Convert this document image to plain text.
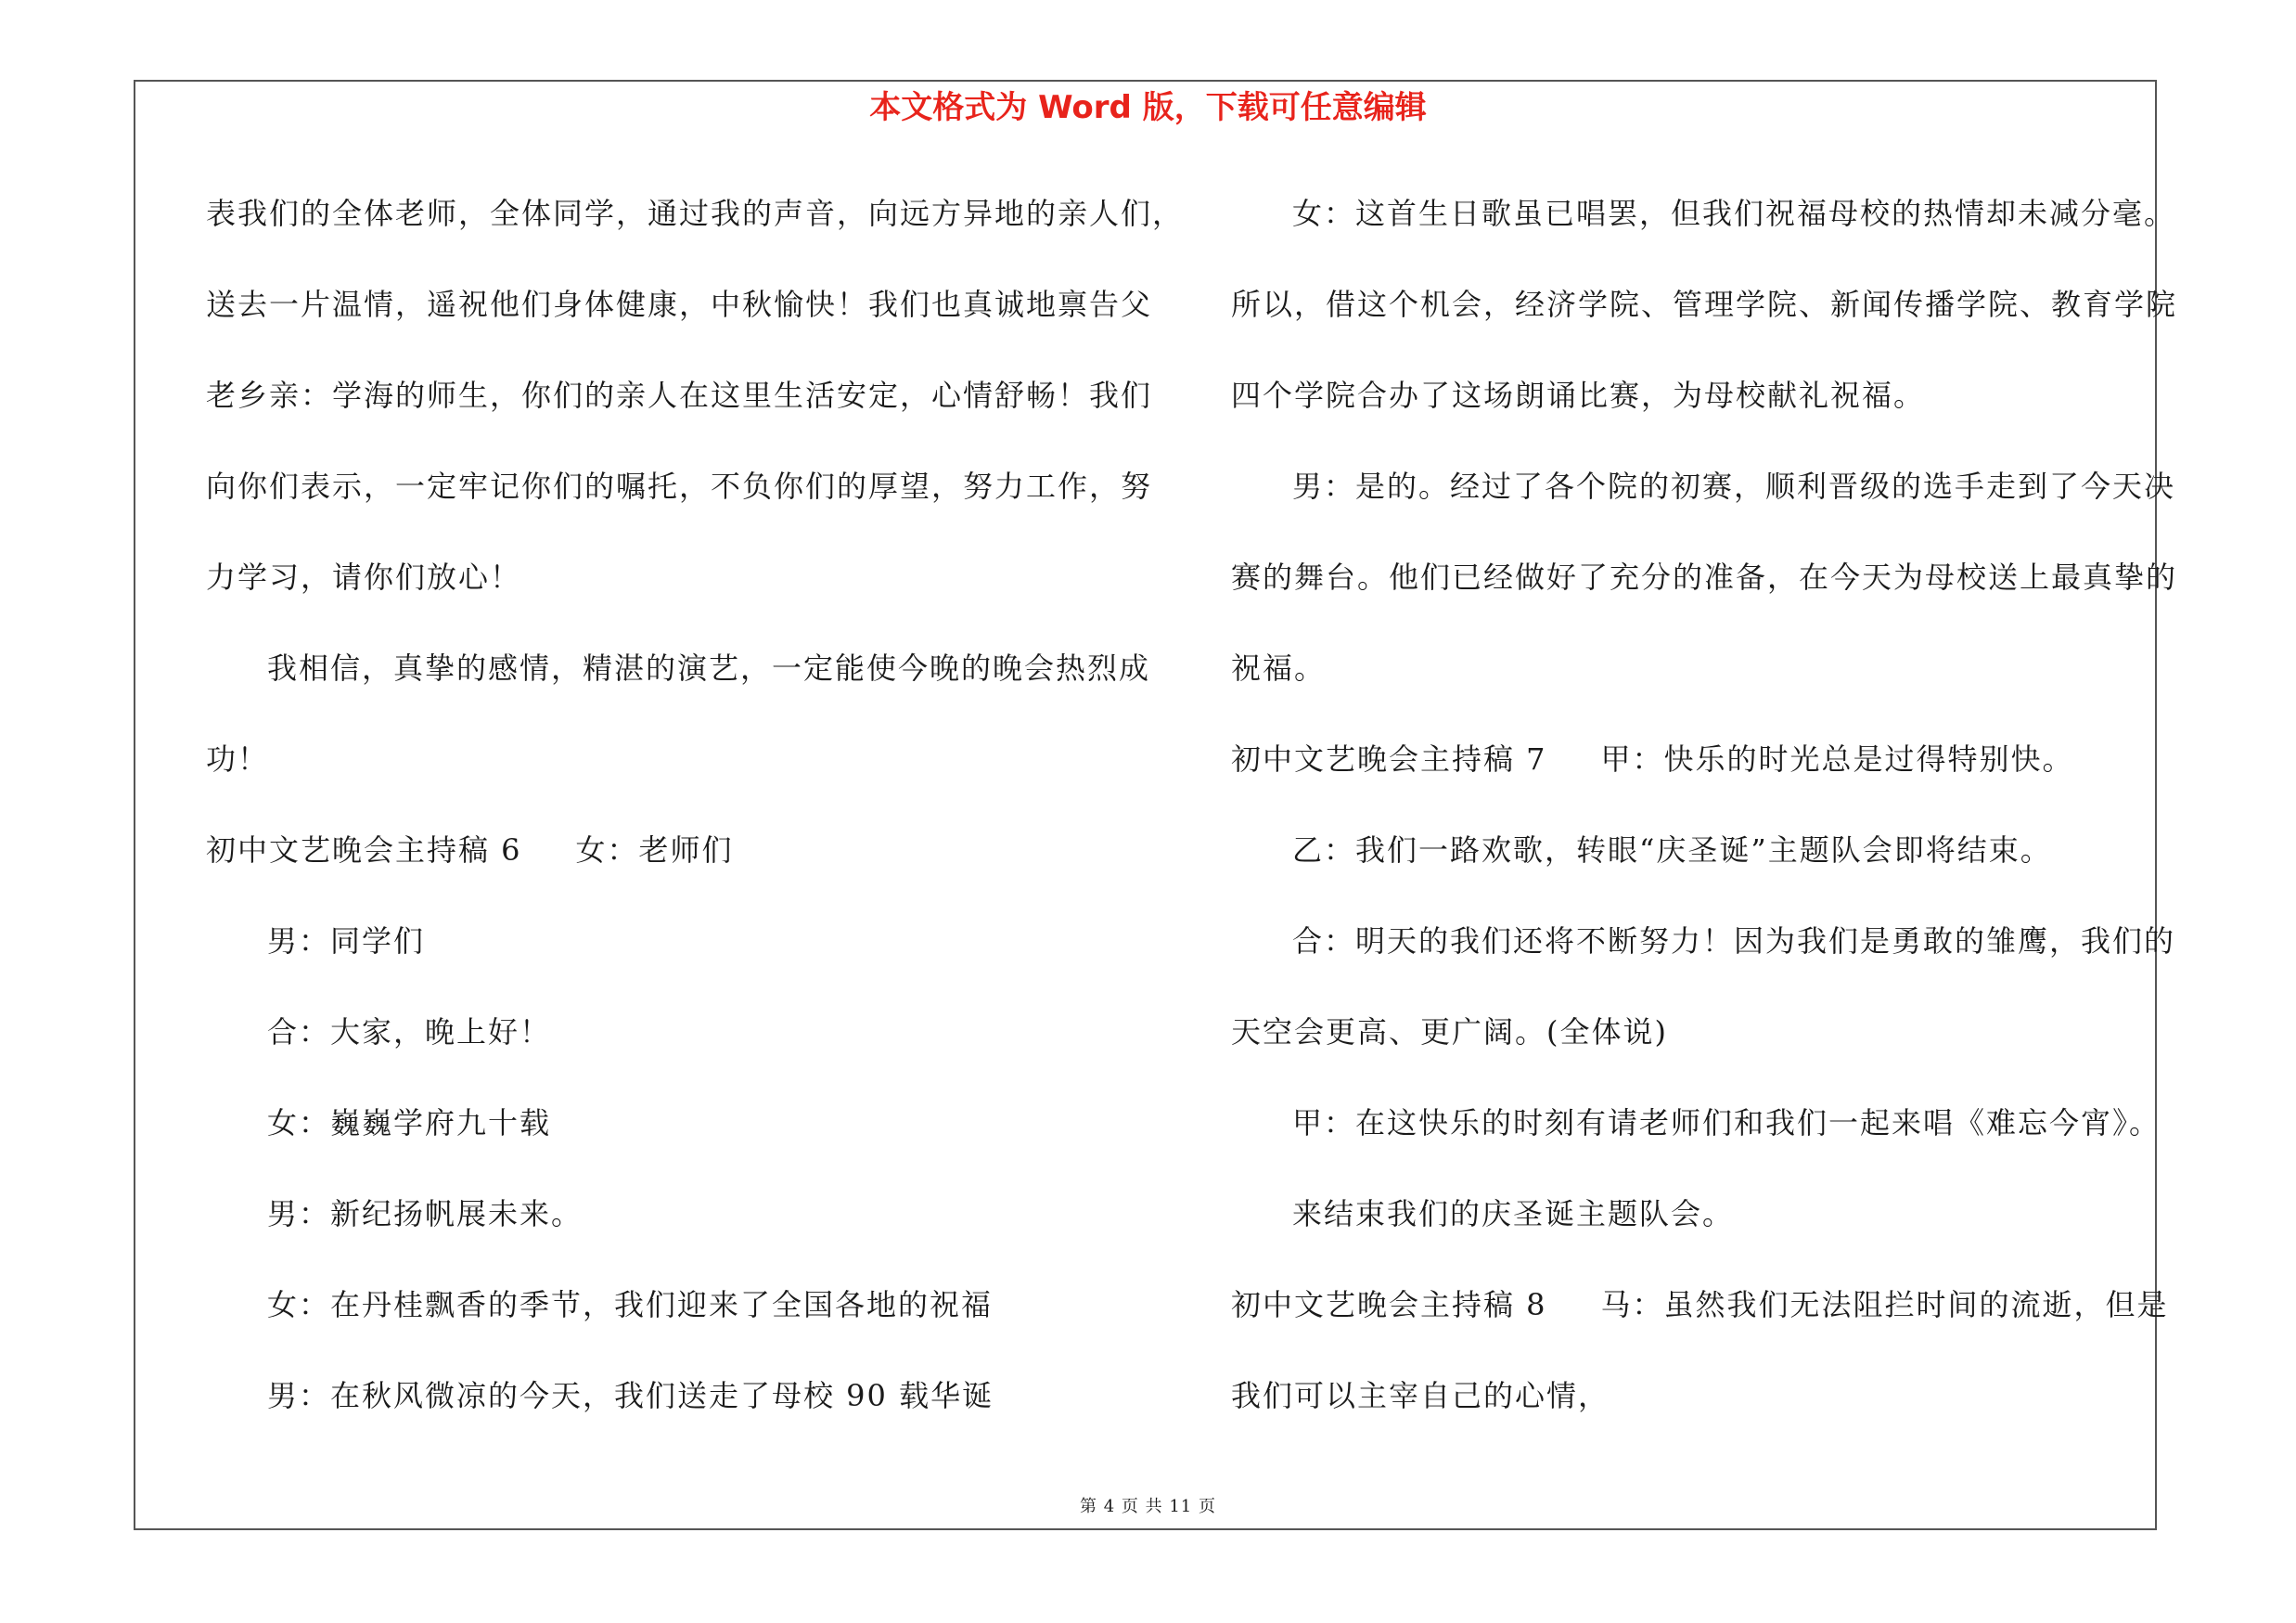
本文格式为 Word 版，下载可任意编辑
表我们的全体老师，全体同学，通过我的声音，向远方异地的亲人们，
送去一片温情，遥祝他们身体健康，中秋愉快！我们也真诚地禀告父
老乡亲：学海的师生，你们的亲人在这里生活安定，心情舒畅！我们
向你们表示，一定牢记你们的嘱托，不负你们的厚望，努力工作，努
力学习，请你们放心！
我相信，真挚的感情，精湛的演艺，一定能使今晚的晚会热烈成
功！
初中文艺晚会主持稿 6 女：老师们
男：同学们
合：大家，晚上好！
女：巍巍学府九十载
男：新纪扬帆展未来。
女：在丹桂飘香的季节，我们迎来了全国各地的祝福
男：在秋风微凉的今天，我们送走了母校 90 载华诞
女：这首生日歌虽已唱罢，但我们祝福母校的热情却未减分毫。
所以，借这个机会，经济学院、管理学院、新闻传播学院、教育学院
四个学院合办了这场朗诵比赛，为母校献礼祝福。
男：是的。经过了各个院的初赛，顺利晋级的选手走到了今天决
赛的舞台。他们已经做好了充分的准备，在今天为母校送上最真挚的
祝福。
初中文艺晚会主持稿 7 甲：快乐的时光总是过得特别快。
乙：我们一路欢歌，转眼“庆圣诞”主题队会即将结束。
合：明天的我们还将不断努力！因为我们是勇敢的雏鹰，我们的
天空会更高、更广阔。(全体说)
甲：在这快乐的时刻有请老师们和我们一起来唱《难忘今宵》。
来结束我们的庆圣诞主题队会。
初中文艺晚会主持稿 8 马：虽然我们无法阻拦时间的流逝，但是
我们可以主宰自己的心情，
第 4 页 共 11 页
